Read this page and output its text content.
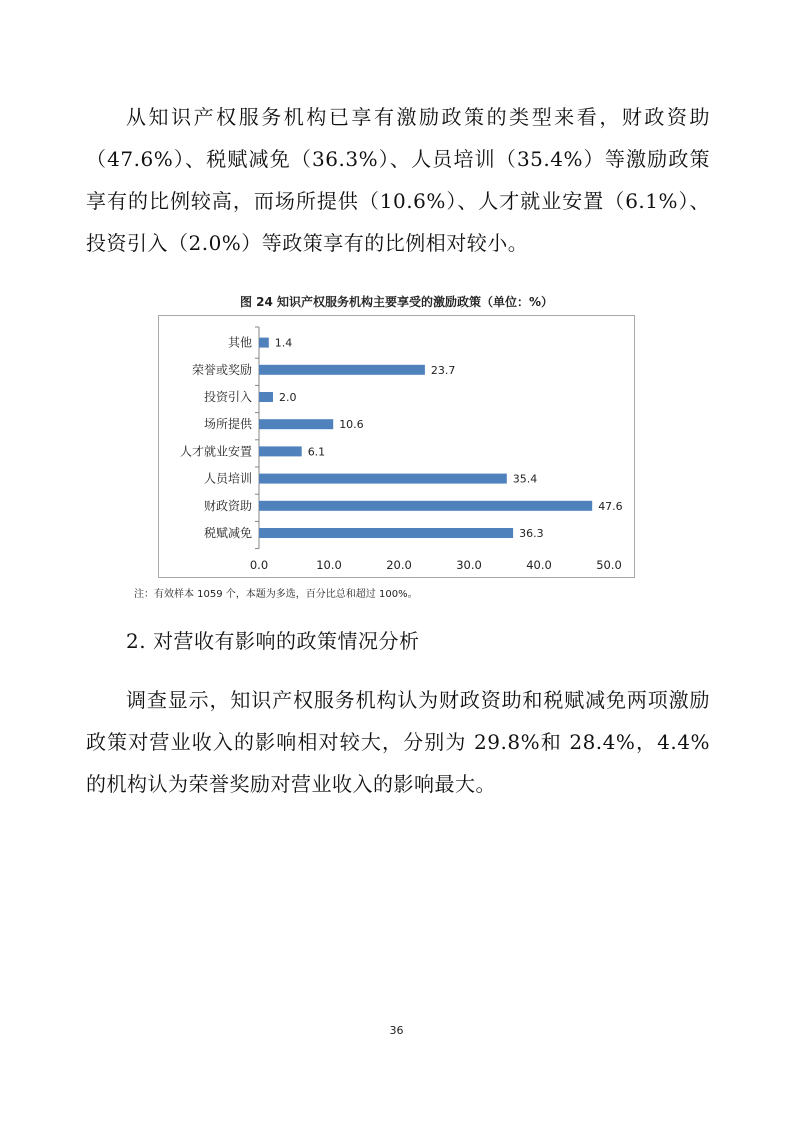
从知识产权服务机构已享有激励政策的类型来看，财政资助（47.6%）、税赋减免（36.3%）、人员培训（35.4%）等激励政策享有的比例较高，而场所提供（10.6%）、人才就业安置（6.1%）、投资引入（2.0%）等政策享有的比例相对较小。

图 24 知识产权服务机构主要享受的激励政策（单位：%）
其他 1.4
荣誉或奖励	23.7
投资引入 2.0
场所提供	10.6
人才就业安置	6.1
人员培训	35.4
财政资助	47.6
税赋减免	36.3
0.0	10.0	20.0	30.0	40.0	50.0
注：有效样本 1059 个，本题为多选，百分比总和超过 100%。

2. 对营收有影响的政策情况分析

调查显示，知识产权服务机构认为财政资助和税赋减免两项激励政策对营业收入的影响相对较大，分别为 29.8%和 28.4%，4.4%的机构认为荣誉奖励对营业收入的影响最大。

36
